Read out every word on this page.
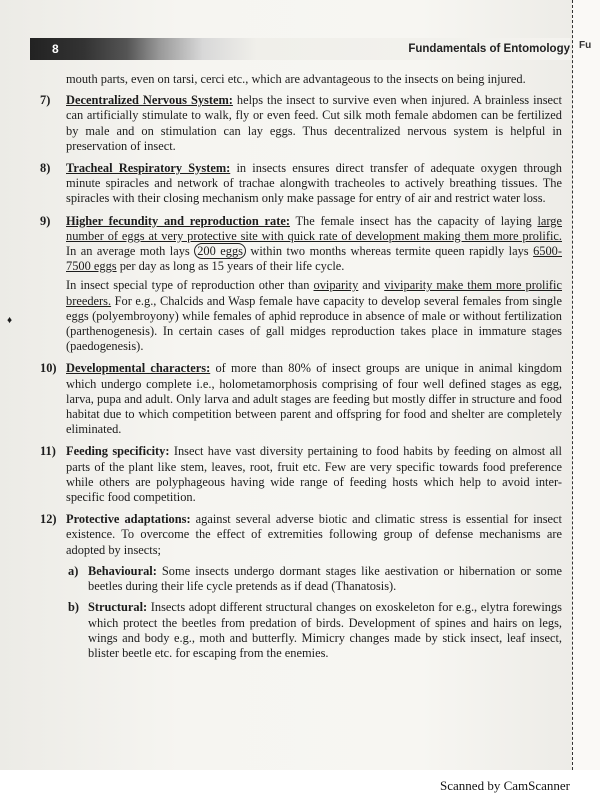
8	Fundamentals of Entomology Fu
♦

mouth parts, even on tarsi, cerci etc., which are advantageous to the insects on being injured.

7) Decentralized Nervous System: helps the insect to survive even when injured. A brainless insect can artificially stimulate to walk, fly or even feed. Cut silk moth female abdomen can be fertilized by male and on stimulation can lay eggs. Thus decentralized nervous system is helpful in preservation of insect.
8) Tracheal Respiratory System: in insects ensures direct transfer of adequate oxygen through minute spiracles and network of trachae alongwith tracheoles to actively breathing tissues. The spiracles with their closing mechanism only make passage for entry of air and restrict water loss.
9) Higher fecundity and reproduction rate: The female insect has the capacity of laying large number of eggs at very protective site with quick rate of development making them more prolific. In an average moth lays 200 eggs within two months whereas termite queen rapidly lays 6500-7500 eggs per day as long as 15 years of their life cycle.
In insect special type of reproduction other than oviparity and viviparity make them more prolific breeders. For e.g., Chalcids and Wasp female have capacity to develop several females from single eggs (polyembroyony) while females of aphid reproduce in absence of male or without fertilization (parthenogenesis). In certain cases of gall midges reproduction takes place in immature stages (paedogenesis).
10) Developmental characters: of more than 80% of insect groups are unique in animal kingdom which undergo complete i.e., holometamorphosis comprising of four well defined stages as egg, larva, pupa and adult. Only larva and adult stages are feeding but mostly differ in structure and food habitat due to which competition between parent and offspring for food and shelter are completely eliminated.
11) Feeding specificity: Insect have vast diversity pertaining to food habits by feeding on almost all parts of the plant like stem, leaves, root, fruit etc. Few are very specific towards food preference while others are polyphageous having wide range of feeding hosts which help to avoid inter-specific food competition.
12) Protective adaptations: against several adverse biotic and climatic stress is essential for insect existence. To overcome the effect of extremities following group of defense mechanisms are adopted by insects;
a) Behavioural: Some insects undergo dormant stages like aestivation or hibernation or some beetles during their life cycle pretends as if dead (Thanatosis).
b) Structural: Insects adopt different structural changes on exoskeleton for e.g., elytra forewings which protect the beetles from predation of birds. Development of spines and hairs on legs, wings and body e.g., moth and butterfly. Mimicry changes made by stick insect, leaf insect, blister beetle etc. for escaping from the enemies.
Scanned by CamScanner
